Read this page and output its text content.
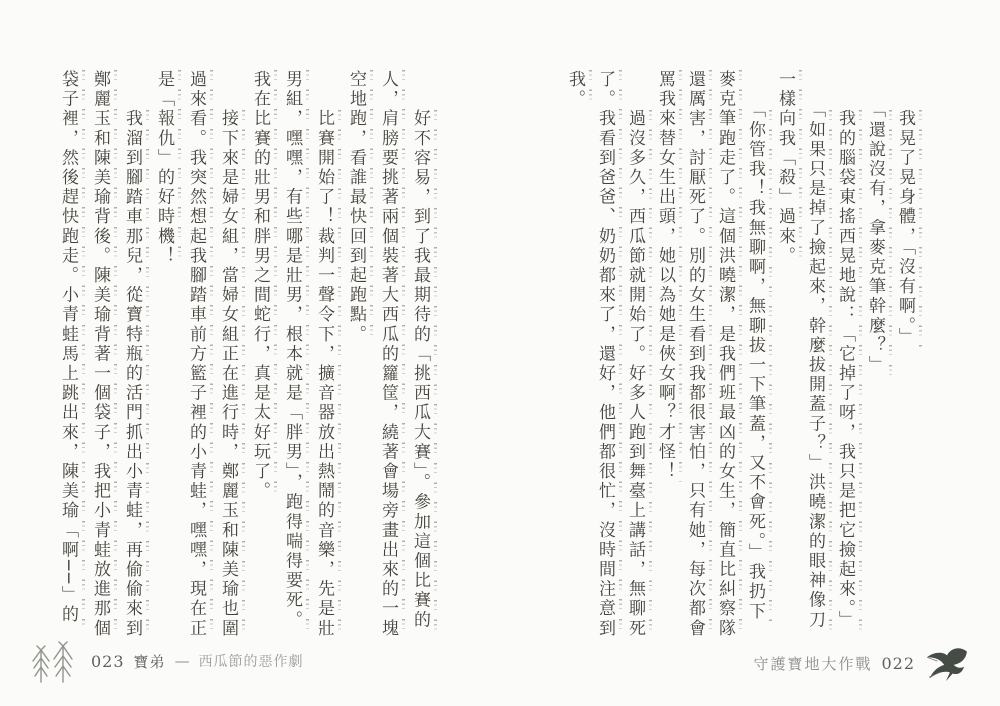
　　我晃了晃身體，「沒有啊。」

　　「還說沒有，拿麥克筆幹麼？」

　　我的腦袋東搖西晃地說：「它掉了呀，我只是把它撿起來。」

　　「如果只是掉了撿起來，幹麼拔開蓋子？」洪曉潔的眼神像刀

一樣向我「殺」過來。

　　「你管我！我無聊啊，無聊拔一下筆蓋，又不會死。」我扔下

麥克筆跑走了。這個洪曉潔，是我們班最凶的女生，簡直比糾察隊

還厲害，討厭死了。別的女生看到我都很害怕，只有她，每次都會

罵我來替女生出頭，她以為她是俠女啊？才怪！

　　過沒多久，西瓜節就開始了。好多人跑到舞臺上講話，無聊死

了。我看到爸爸、奶奶都來了，還好，他們都很忙，沒時間注意到

我。

　　好不容易，到了我最期待的「挑西瓜大賽」。參加這個比賽的

人，肩膀要挑著兩個裝著大西瓜的籮筐，繞著會場旁畫出來的一塊

空地跑，看誰最快回到起跑點。

　　比賽開始了！裁判一聲令下，擴音器放出熱鬧的音樂，先是壯

男組，嘿嘿，有些哪是壯男，根本就是「胖男」，跑得喘得要死。

我在比賽的壯男和胖男之間蛇行，真是太好玩了。

　　接下來是婦女組，當婦女組正在進行時，鄭麗玉和陳美瑜也圍

過來看。我突然想起我腳踏車前方籃子裡的小青蛙，嘿嘿，現在正

是「報仇」的好時機！

　　我溜到腳踏車那兒，從寶特瓶的活門抓出小青蛙，再偷偷來到

鄭麗玉和陳美瑜背後。陳美瑜背著一個袋子，我把小青蛙放進那個

袋子裡，然後趕快跑走。小青蛙馬上跳出來，陳美瑜「啊──」的

023 寶弟 — 西瓜節的惡作劇	守護寶地大作戰 022
